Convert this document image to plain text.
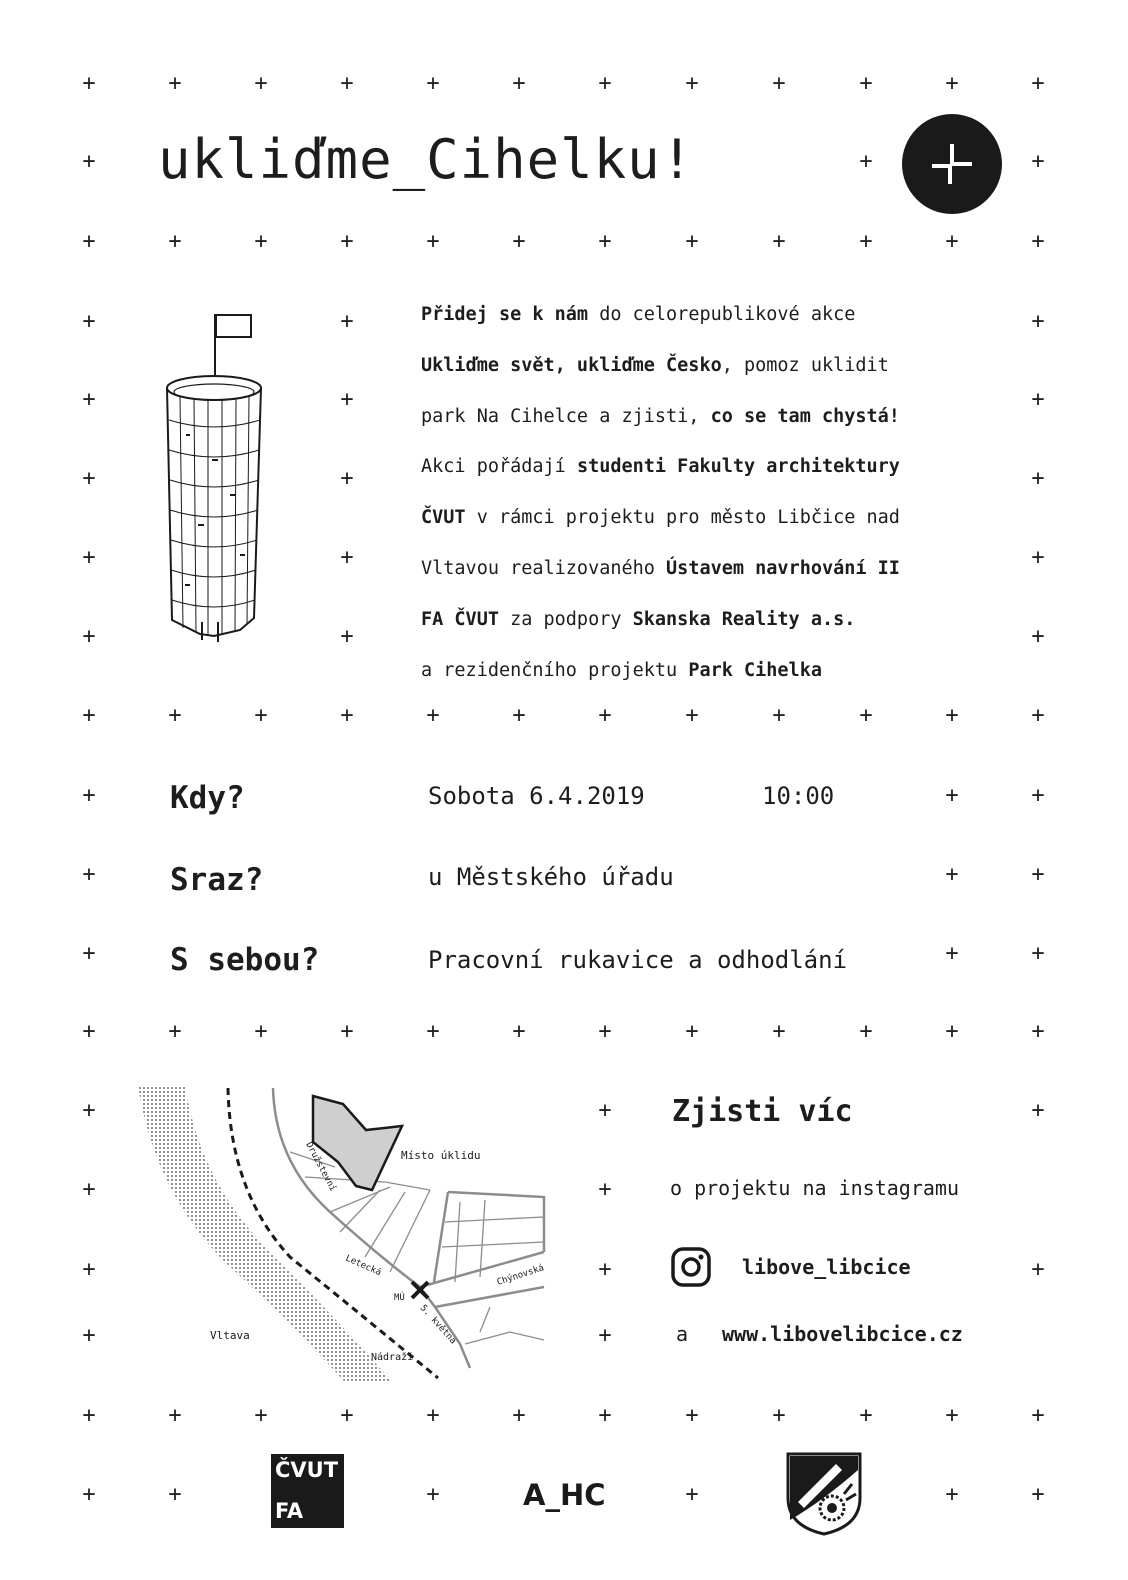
+	+	+	+	+	+	+	+	+	+	+	+
+	+	+
+	+	+	+	+	+	+	+	+	+	+	+
+	+	+
+	+	+
+	+	+
+	+	+
+	+	+
+	+	+	+	+	+	+	+	+	+	+	+
+	+	+
+	+	+
+	+	+
+	+	+	+	+	+	+	+	+	+	+	+
+	+	+
+	+
+	+	+
+	+
+	+	+	+	+	+	+	+	+	+	+	+
+	+	+	+	+	+
ukliďme_Cihelku!
Přidej se k nám do celorepublikové akce
Ukliďme svět, ukliďme Česko, pomoz uklidit
park Na Cihelce a zjisti, co se tam chystá!
Akci pořádají studenti Fakulty architektury
ČVUT v rámci projektu pro město Libčice nad
Vltavou realizovaného Ústavem navrhování II
FA ČVUT za podpory Skanska Reality a.s.
a rezidenčního projektu Park Cihelka
Kdy?	Sobota 6.4.2019	10:00
Sraz?	u Městského úřadu
S sebou?	Pracovní rukavice a odhodlání
Družstevní	Místo úklidu
Letecká	Chýnovská
MÚ
5. května
Vltava
Nádraží
Zjisti víc
o projektu na instagramu
libove_libcice
a www.libovelibcice.cz
ČVUT
FA	A_HC
